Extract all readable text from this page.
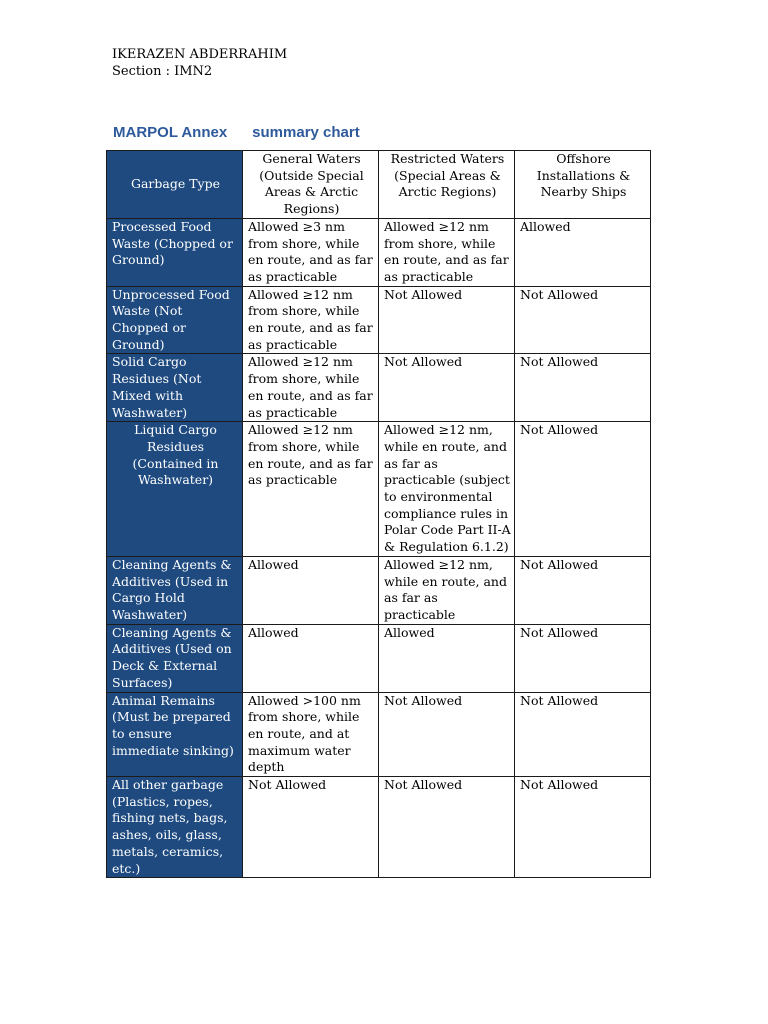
IKERAZEN ABDERRAHIM
Section : IMN2
MARPOL Annex      summary chart
Garbage Type	General Waters (Outside Special Areas & Arctic Regions)	Restricted Waters (Special Areas & Arctic Regions)	Offshore Installations & Nearby Ships
Processed Food Waste (Chopped or Ground)	Allowed ≥3 nm from shore, while en route, and as far as practicable	Allowed ≥12 nm from shore, while en route, and as far as practicable	Allowed
Unprocessed Food Waste (Not Chopped or Ground)	Allowed ≥12 nm from shore, while en route, and as far as practicable	Not Allowed	Not Allowed
Solid Cargo Residues (Not Mixed with Washwater)	Allowed ≥12 nm from shore, while en route, and as far as practicable	Not Allowed	Not Allowed
Liquid Cargo Residues (Contained in Washwater)	Allowed ≥12 nm from shore, while en route, and as far as practicable	Allowed ≥12 nm, while en route, and as far as practicable (subject to environmental compliance rules in Polar Code Part II-A & Regulation 6.1.2)	Not Allowed
Cleaning Agents & Additives (Used in Cargo Hold Washwater)	Allowed	Allowed ≥12 nm, while en route, and as far as practicable	Not Allowed
Cleaning Agents & Additives (Used on Deck & External Surfaces)	Allowed	Allowed	Not Allowed
Animal Remains (Must be prepared to ensure immediate sinking)	Allowed >100 nm from shore, while en route, and at maximum water depth	Not Allowed	Not Allowed
All other garbage (Plastics, ropes, fishing nets, bags, ashes, oils, glass, metals, ceramics, etc.)	Not Allowed	Not Allowed	Not Allowed
